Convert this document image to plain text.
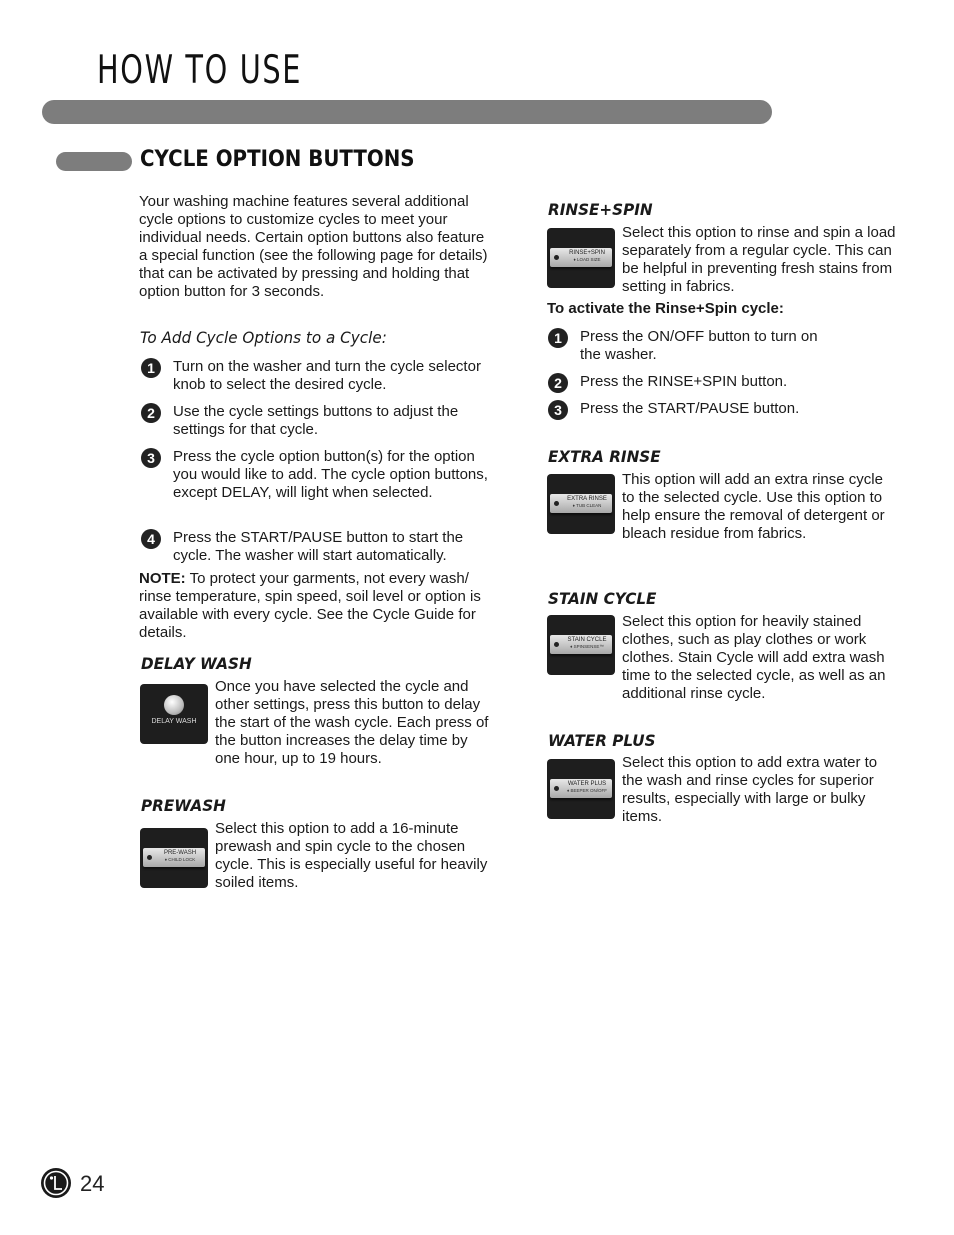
HOW TO USE
CYCLE OPTION BUTTONS
Your washing machine features several additional cycle options to customize cycles to meet your individual needs. Certain option buttons also feature a special function (see the following page for details) that can be activated by pressing and holding that option button for 3 seconds.
To Add Cycle Options to a Cycle:
1	Turn on the washer and turn the cycle selector knob to select the desired cycle.
2	Use the cycle settings buttons to adjust the settings for that cycle.
3	Press the cycle option button(s) for the option you would like to add. The cycle option buttons, except DELAY, will light when selected.
4	Press the START/PAUSE button to start the cycle. The washer will start automatically.
NOTE: To protect your garments, not every wash/ rinse temperature, spin speed, soil level or option is available with every cycle. See the Cycle Guide for details.
DELAY WASH
DELAY WASH
Once you have selected the cycle and other settings, press this button to delay the start of the wash cycle. Each press of the button increases the delay time by one hour, up to 19 hours.
PREWASH
PRE-WASH
♦ CHILD LOCK
Select this option to add a 16-minute prewash and spin cycle to the chosen cycle. This is especially useful for heavily soiled items.
RINSE+SPIN
RINSE+SPIN
♦ LOAD SIZE
Select this option to rinse and spin a load separately from a regular cycle. This can be helpful in preventing fresh stains from setting in fabrics.
To activate the Rinse+Spin cycle:
1	Press the ON/OFF button to turn on the washer.
2	Press the RINSE+SPIN button.
3	Press the START/PAUSE button.
EXTRA RINSE
EXTRA RINSE
♦ TUB CLEAN
This option will add an extra rinse cycle to the selected cycle. Use this option to help ensure the removal of detergent or bleach residue from fabrics.
STAIN CYCLE
STAIN CYCLE
♦ SPINSENSE™
Select this option for heavily stained clothes, such as play clothes or work clothes. Stain Cycle will add extra wash time to the selected cycle, as well as an additional rinse cycle.
WATER PLUS
WATER PLUS
♦ BEEPER ON/OFF
Select this option to add extra water to the wash and rinse cycles for superior results, especially with large or bulky items.
24
